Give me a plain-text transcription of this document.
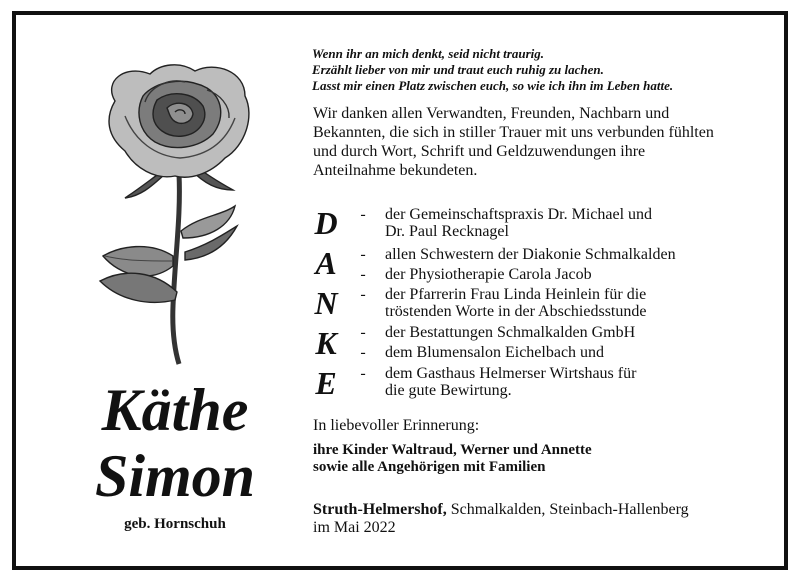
Wenn ihr an mich denkt, seid nicht traurig.
Erzählt lieber von mir und traut euch ruhig zu lachen.
Lasst mir einen Platz zwischen euch, so wie ich ihn im Leben hatte.
Wir danken allen Verwandten, Freunden, Nachbarn und
Bekannten, die sich in stiller Trauer mit uns verbunden fühlten
und durch Wort, Schrift und Geldzuwendungen ihre
Anteilnahme bekundeten.
D
A
N
K
E
- der Gemeinschaftspraxis Dr. Michael und
Dr. Paul Recknagel
- allen Schwestern der Diakonie Schmalkalden
- der Physiotherapie Carola Jacob
- der Pfarrerin Frau Linda Heinlein für die
tröstenden Worte in der Abschiedsstunde
- der Bestattungen Schmalkalden GmbH
- dem Blumensalon Eichelbach und
- dem Gasthaus Helmerser Wirtshaus für
die gute Bewirtung.
In liebevoller Erinnerung:
ihre Kinder Waltraud, Werner und Annette
sowie alle Angehörigen mit Familien
Struth-Helmershof, Schmalkalden, Steinbach-Hallenberg
im Mai 2022
Käthe
Simon
geb. Hornschuh
